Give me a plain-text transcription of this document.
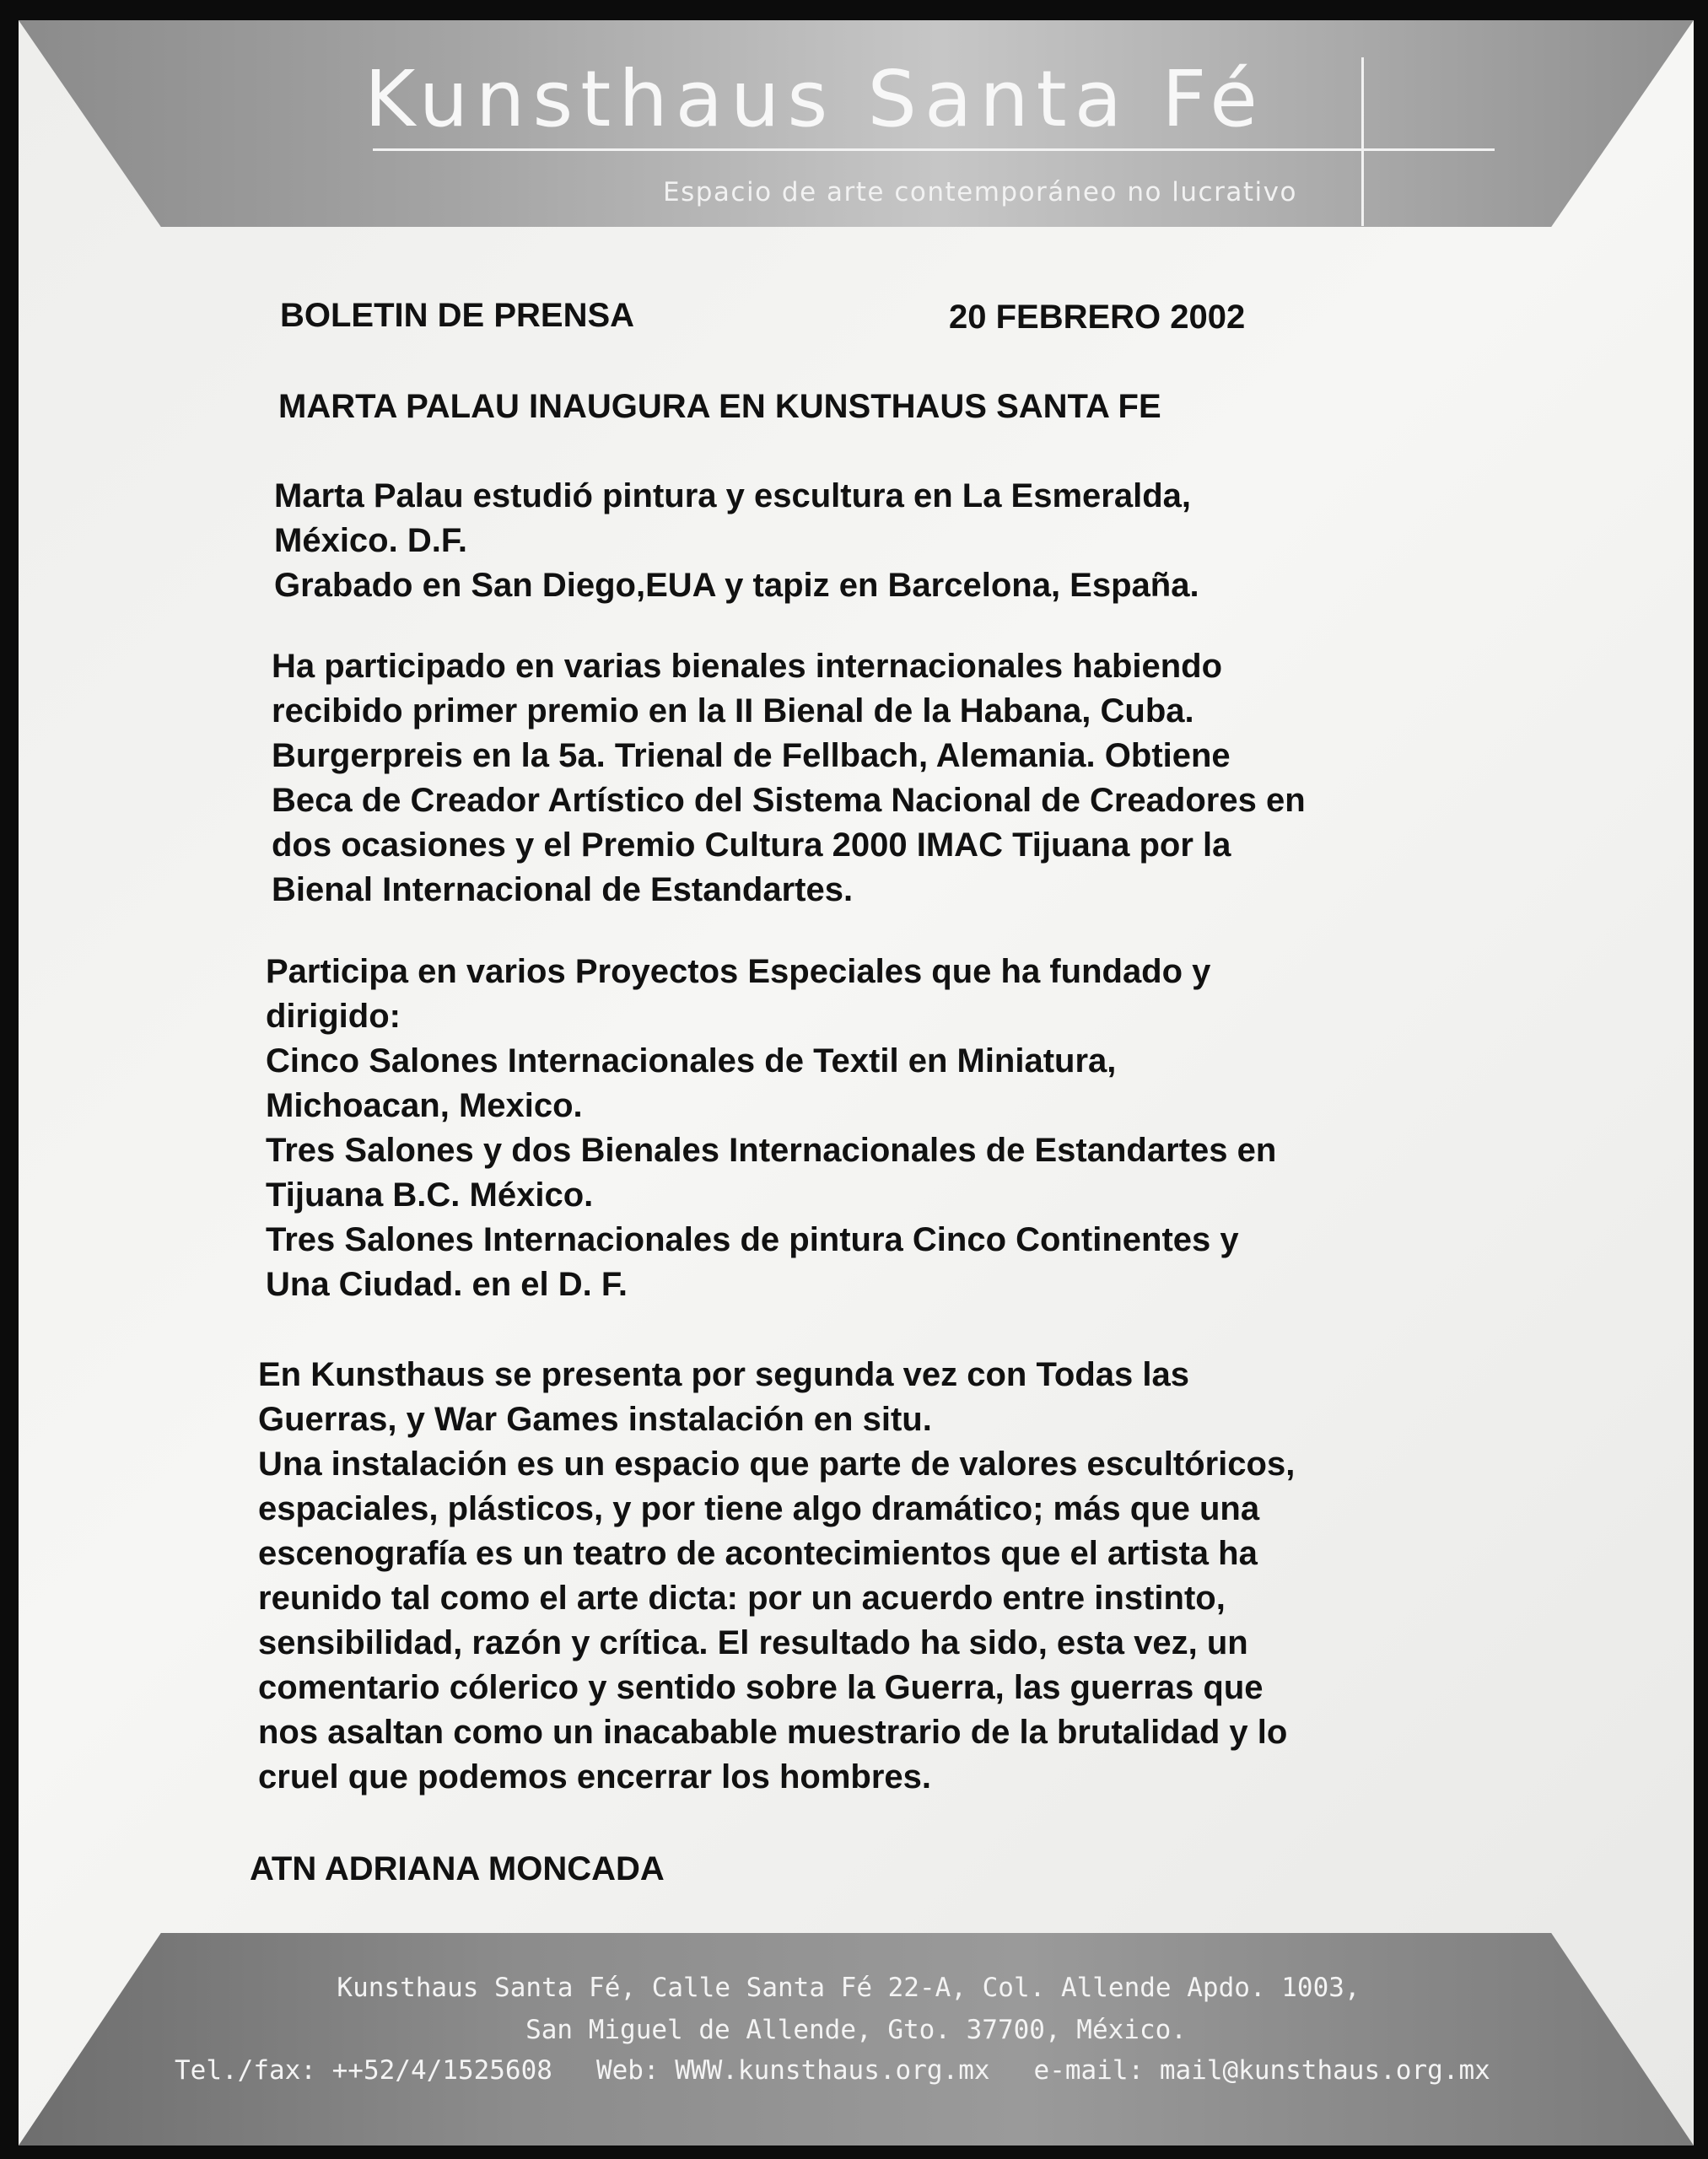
Kunsthaus Santa Fé
Espacio de arte contemporáneo no lucrativo
BOLETIN DE PRENSA	20 FEBRERO 2002
MARTA PALAU INAUGURA EN KUNSTHAUS SANTA FE

Marta Palau estudió pintura y escultura en La Esmeralda,
México. D.F.
Grabado en San Diego,EUA y tapiz en Barcelona, España.

Ha participado en varias bienales internacionales habiendo
recibido primer premio en la II Bienal de la Habana, Cuba.
Burgerpreis en la 5a. Trienal de Fellbach, Alemania. Obtiene
Beca de Creador Artístico del Sistema Nacional de Creadores en
dos ocasiones y el Premio Cultura 2000 IMAC Tijuana por la
Bienal Internacional de Estandartes.

Participa en varios Proyectos Especiales que ha fundado y
dirigido:
Cinco Salones Internacionales de Textil en Miniatura,
Michoacan, Mexico.
Tres Salones y dos Bienales Internacionales de Estandartes en
Tijuana B.C. México.
Tres Salones Internacionales de pintura Cinco Continentes y
Una Ciudad. en el D. F.

En Kunsthaus se presenta por segunda vez con Todas las
Guerras, y War Games instalación en situ.
Una instalación es un espacio que parte de valores escultóricos,
espaciales, plásticos, y por tiene algo dramático; más que una
escenografía es un teatro de acontecimientos que el artista ha
reunido tal como el arte dicta: por un acuerdo entre instinto,
sensibilidad, razón y crítica. El resultado ha sido, esta vez, un
comentario cólerico y sentido sobre la Guerra, las guerras que
nos asaltan como un inacabable muestrario de la brutalidad y lo
cruel que podemos encerrar los hombres.

ATN ADRIANA MONCADA
Kunsthaus Santa Fé, Calle Santa Fé 22-A, Col. Allende Apdo. 1003,
San Miguel de Allende, Gto. 37700, México.
Tel./fax: ++52/4/1525608 Web: WWW.kunsthaus.org.mx e-mail: mail@kunsthaus.org.mx
